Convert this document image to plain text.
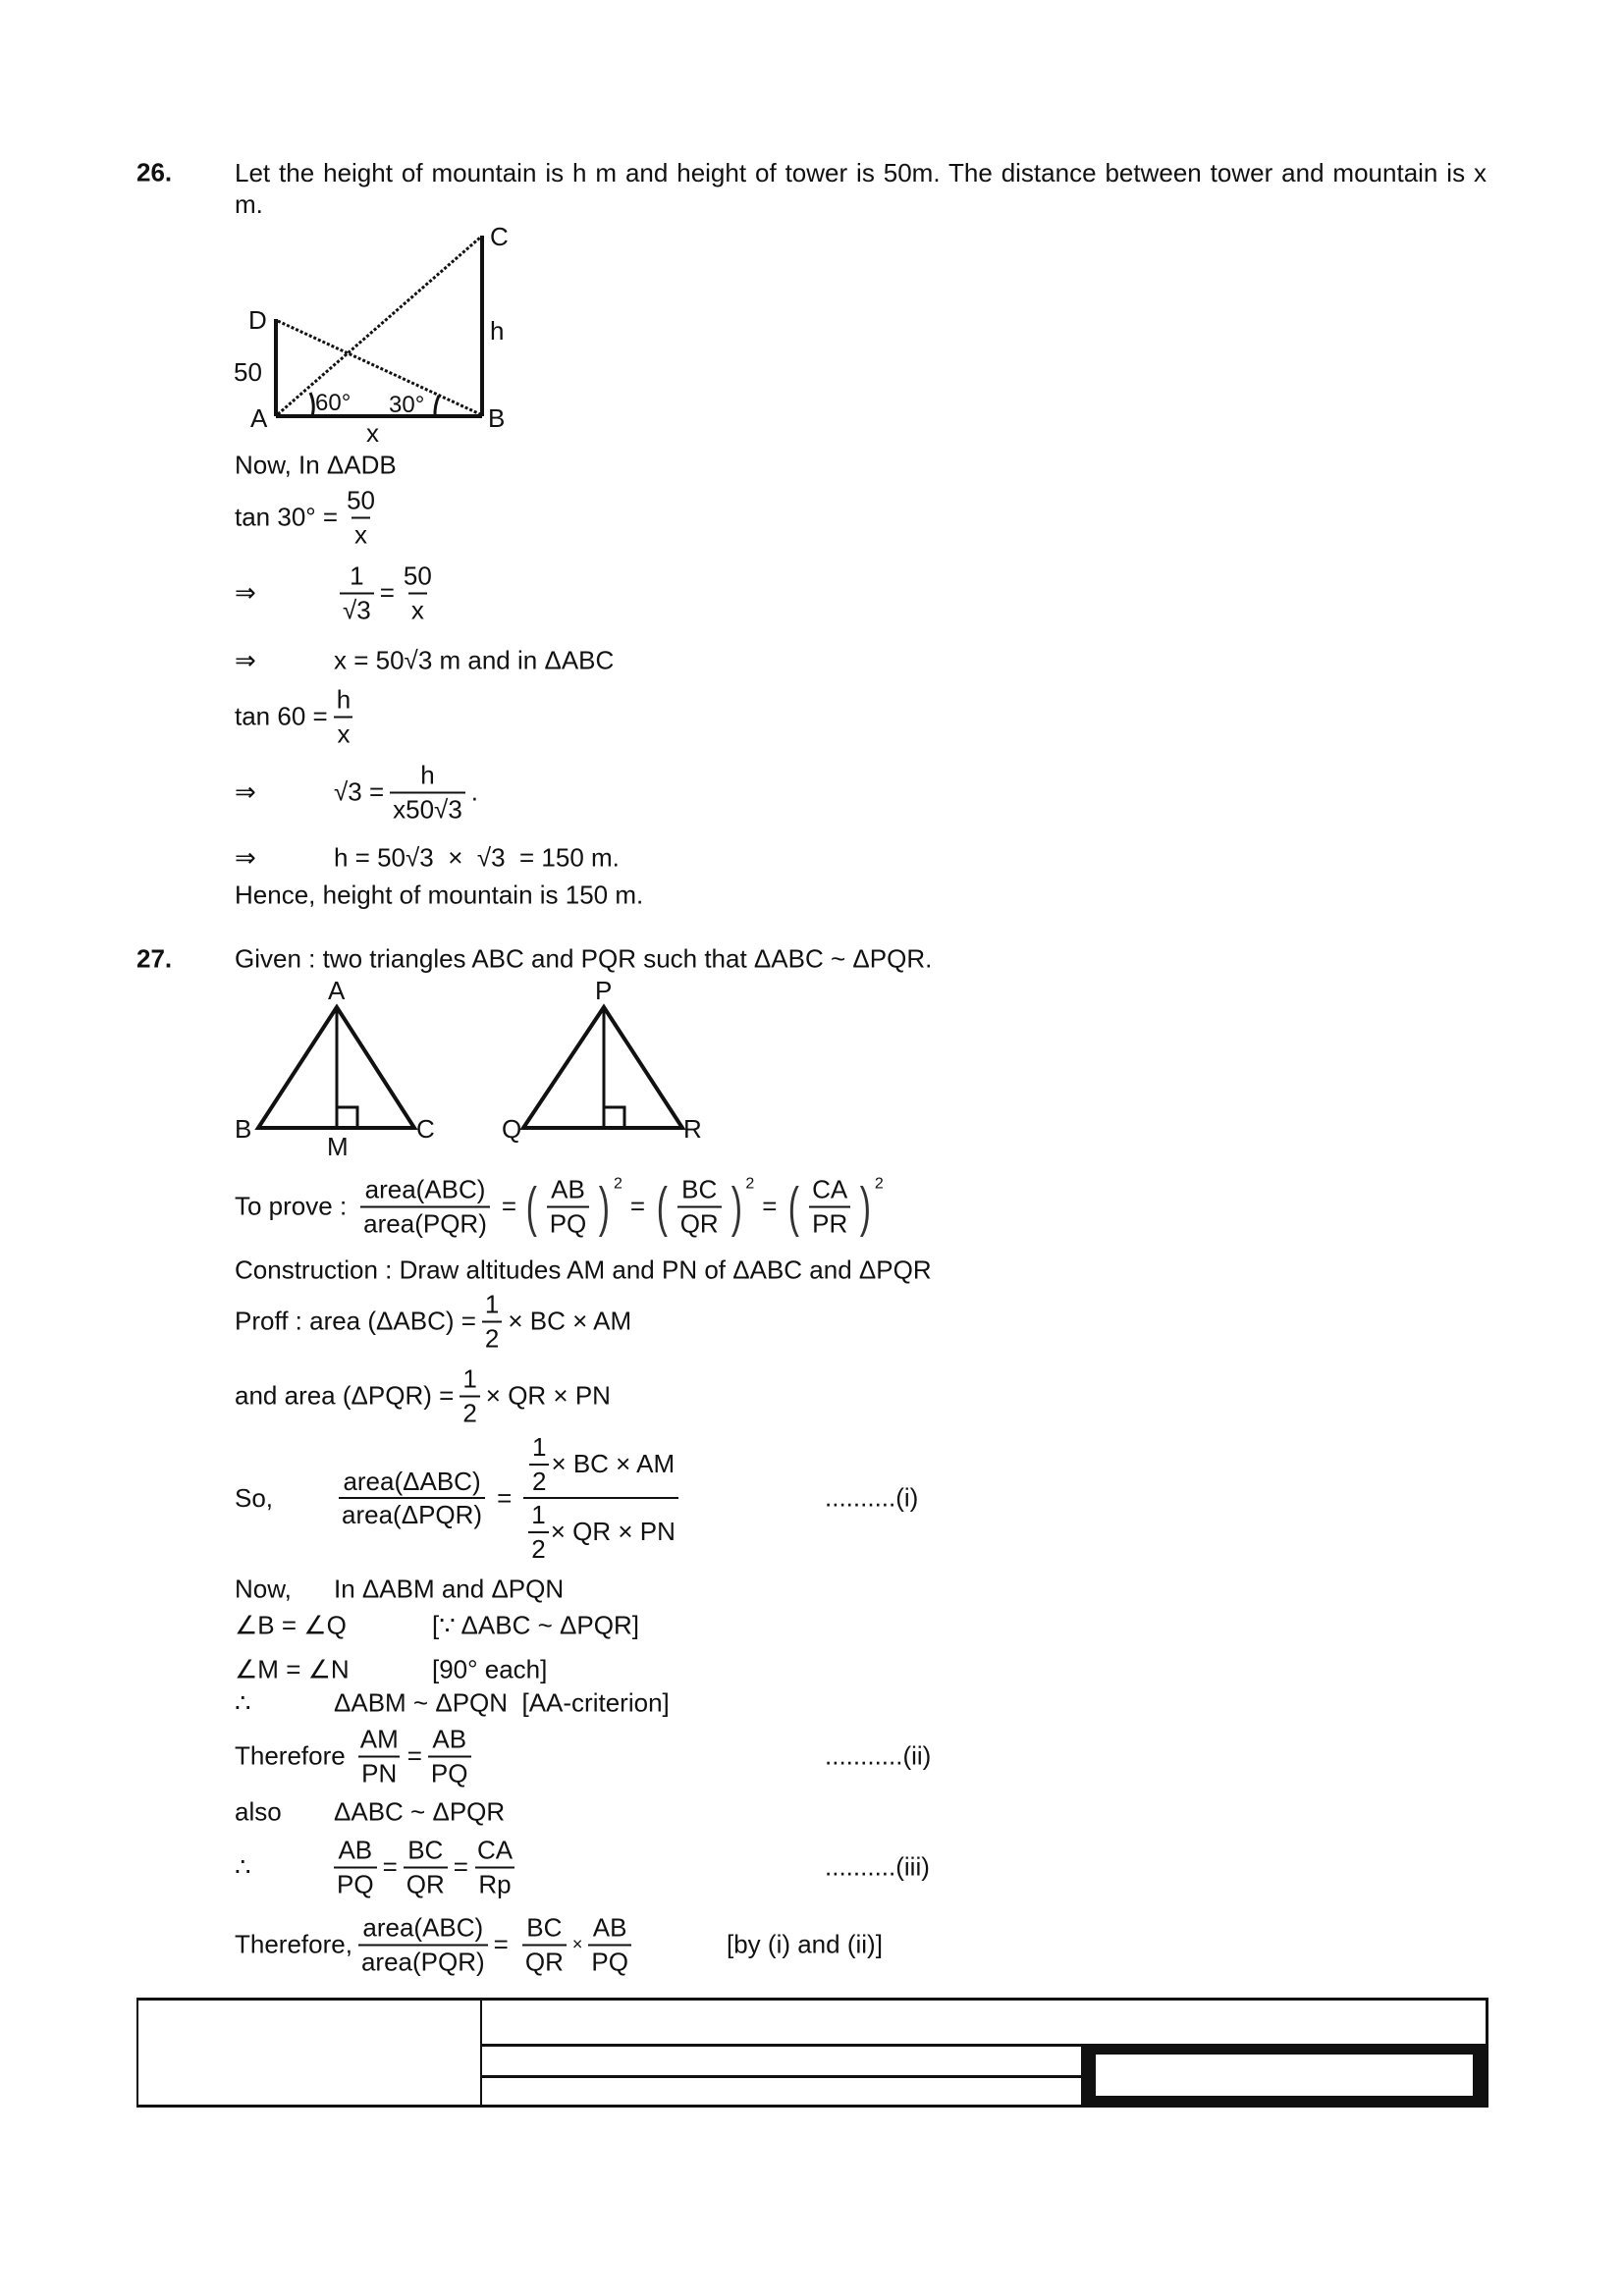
26. Let the height of mountain is h m and height of tower is 50m. The distance between tower and mountain is x m.
C
D	h
50
A	B
x
60° 30°
A
B	C
M
P
Q	R
Now, In ΔADB
$\tan 30^\circ = \frac{50}{x}$
⇒	$\frac{1}{√3} = \frac{50}{x}$
⇒	x = 50√3 m and in ΔABC
$\tan 60 = \frac{h}{x}$
⇒	$√3 = \frac{h}{x50√3}$ .
⇒	h = 50√3  ×  √3  = 150 m.
Hence, height of mountain is 150 m.
27. Given : two triangles ABC and PQR such that ΔABC ~ ΔPQR.
To prove : $\frac{\text{area(ABC)}}{\text{area(PQR)}}$ = ( $\frac{AB}{PQ}$ ) 2
= ( $\frac{BC}{QR}$ ) 2
= ( $\frac{CA}{PR}$ ) 2
Construction : Draw altitudes AM and PN of ΔABC and ΔPQR
Proff : area $(\Delta ABC) = \frac{1}{2}$ × BC × AM
and area $(\Delta PQR) = \frac{1}{2}$ × QR × PN
So,	$\frac{\text{area(ΔABC)}}{\text{area(ΔPQR)}} = \frac{\frac{1}{2} \times BC \times AM}{\frac{1}{2} \times QR \times PN}$	..........(i)
Now,	In ΔABM and ΔPQN
∠B = ∠Q	[∵ ΔABC ~ ΔPQR]
∠M = ∠N	[90° each]
∴	ΔABM ~ ΔPQN  [AA-criterion]
Therefore $\frac{AM}{PN} = \frac{AB}{PQ}$	...........(ii)
also	ΔABC ~ ΔPQR
∴	$\frac{AB}{PQ} = \frac{BC}{QR} = \frac{CA}{Rp}$	..........(iii)
Therefore, $\frac{\text{area(ABC)}}{\text{area(PQR)}} = \frac{BC}{QR} \times \frac{AB}{PQ}$	[by (i) and (ii)]
